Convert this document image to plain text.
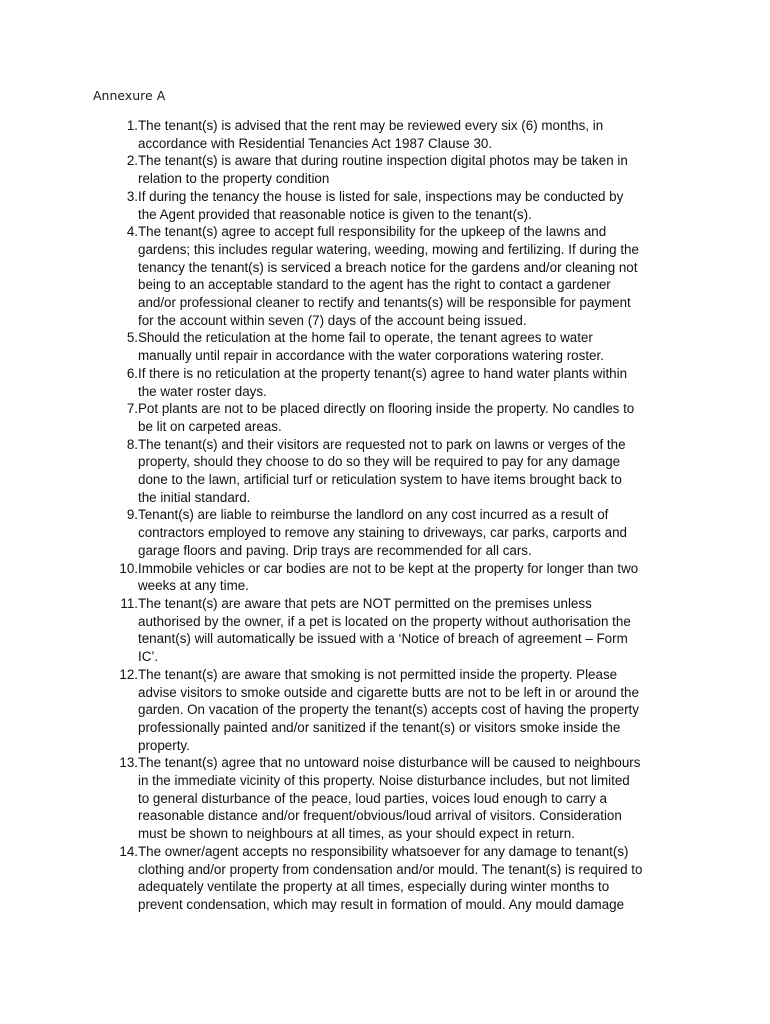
Annexure A
1. The tenant(s) is advised that the rent may be reviewed every six (6) months, in
accordance with Residential Tenancies Act 1987 Clause 30.
2. The tenant(s) is aware that during routine inspection digital photos may be taken in
relation to the property condition
3. If during the tenancy the house is listed for sale, inspections may be conducted by
the Agent provided that reasonable notice is given to the tenant(s).
4. The tenant(s) agree to accept full responsibility for the upkeep of the lawns and
gardens; this includes regular watering, weeding, mowing and fertilizing. If during the
tenancy the tenant(s) is serviced a breach notice for the gardens and/or cleaning not
being to an acceptable standard to the agent has the right to contact a gardener
and/or professional cleaner to rectify and tenants(s) will be responsible for payment
for the account within seven (7) days of the account being issued.
5. Should the reticulation at the home fail to operate, the tenant agrees to water
manually until repair in accordance with the water corporations watering roster.
6. If there is no reticulation at the property tenant(s) agree to hand water plants within
the water roster days.
7. Pot plants are not to be placed directly on flooring inside the property. No candles to
be lit on carpeted areas.
8. The tenant(s) and their visitors are requested not to park on lawns or verges of the
property, should they choose to do so they will be required to pay for any damage
done to the lawn, artificial turf or reticulation system to have items brought back to
the initial standard.
9. Tenant(s) are liable to reimburse the landlord on any cost incurred as a result of
contractors employed to remove any staining to driveways, car parks, carports and
garage floors and paving. Drip trays are recommended for all cars.
10. Immobile vehicles or car bodies are not to be kept at the property for longer than two
weeks at any time.
11. The tenant(s) are aware that pets are NOT permitted on the premises unless
authorised by the owner, if a pet is located on the property without authorisation the
tenant(s) will automatically be issued with a ‘Notice of breach of agreement – Form
IC’.
12. The tenant(s) are aware that smoking is not permitted inside the property. Please
advise visitors to smoke outside and cigarette butts are not to be left in or around the
garden. On vacation of the property the tenant(s) accepts cost of having the property
professionally painted and/or sanitized if the tenant(s) or visitors smoke inside the
property.
13. The tenant(s) agree that no untoward noise disturbance will be caused to neighbours
in the immediate vicinity of this property. Noise disturbance includes, but not limited
to general disturbance of the peace, loud parties, voices loud enough to carry a
reasonable distance and/or frequent/obvious/loud arrival of visitors. Consideration
must be shown to neighbours at all times, as your should expect in return.
14. The owner/agent accepts no responsibility whatsoever for any damage to tenant(s)
clothing and/or property from condensation and/or mould. The tenant(s) is required to
adequately ventilate the property at all times, especially during winter months to
prevent condensation, which may result in formation of mould. Any mould damage
